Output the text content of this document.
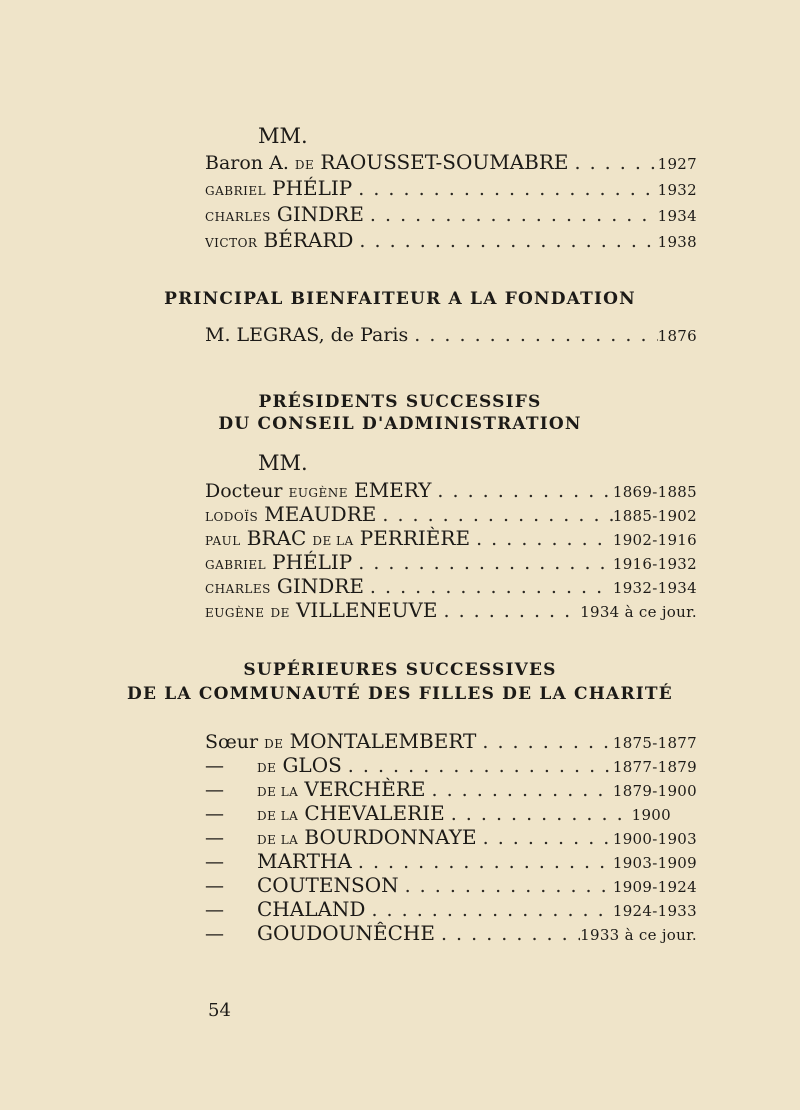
MM.
Baron A. DE RAOUSSET-SOUMABRE . . .	1927
GABRIEL PHÉLIP . . .	1932
CHARLES GINDRE . . .	1934
VICTOR BÉRARD . . .	1938
PRINCIPAL BIENFAITEUR A LA FONDATION
M. LEGRAS, de Paris . . .	1876
PRÉSIDENTS SUCCESSIFS
DU CONSEIL D'ADMINISTRATION
MM.
Docteur EUGÈNE EMERY . . .	1869-1885
LODOÏS MEAUDRE . . .	1885-1902
PAUL BRAC DE LA PERRIÈRE . . .	1902-1916
GABRIEL PHÉLIP . . .	1916-1932
CHARLES GINDRE . . .	1932-1934
EUGÈNE DE VILLENEUVE . . .	1934 à ce jour.
SUPÉRIEURES SUCCESSIVES
DE LA COMMUNAUTÉ DES FILLES DE LA CHARITÉ
Sœur DE MONTALEMBERT . . .	1875-1877
—	DE GLOS . . .	1877-1879
—	DE LA VERCHÈRE . . .	1879-1900
—	DE LA CHEVALERIE . . .	1900
—	DE LA BOURDONNAYE . . .	1900-1903
— MARTHA . . .	1903-1909
— COUTENSON . . .	1909-1924
— CHALAND . . .	1924-1933
— GOUDOUNÊCHE . . .	1933 à ce jour.
54
